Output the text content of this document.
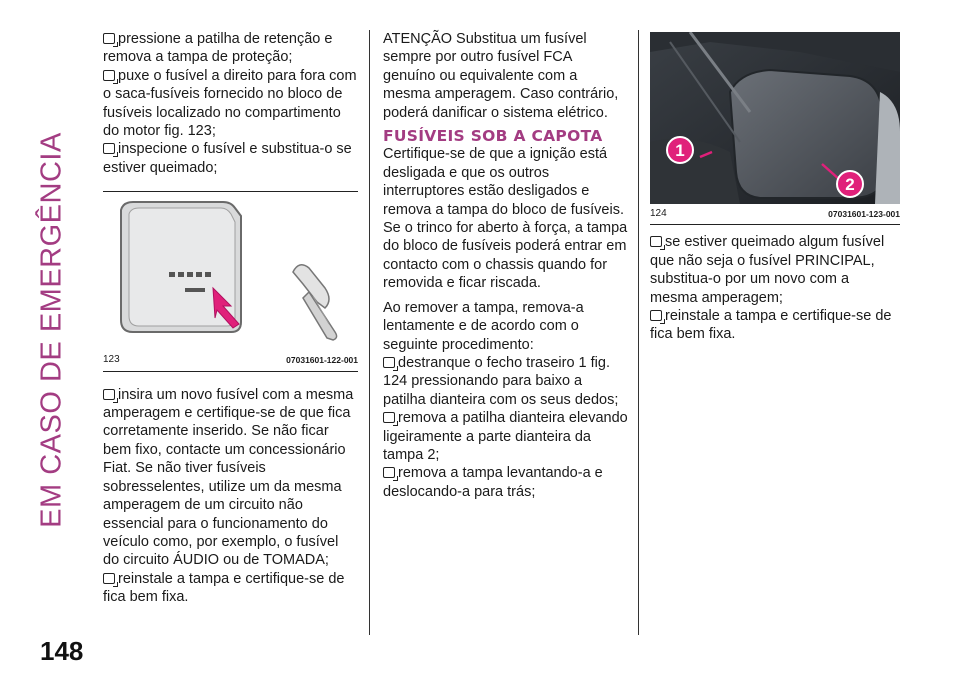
EM CASO DE EMERGÊNCIA
148

pressione a patilha de retenção e remova a tampa de proteção;

puxe o fusível a direito para fora com o saca-fusíveis fornecido no bloco de fusíveis localizado no compartimento do motor fig. 123;

inspecione o fusível e substitua-o se estiver queimado;

123	07031601-122-001

insira um novo fusível com a mesma amperagem e certifique-se de que fica corretamente inserido. Se não ficar bem fixo, contacte um concessionário Fiat. Se não tiver fusíveis sobresselentes, utilize um da mesma amperagem de um circuito não essencial para o funcionamento do veículo como, por exemplo, o fusível do circuito ÁUDIO ou de TOMADA;

reinstale a tampa e certifique-se de fica bem fixa.

ATENÇÃO Substitua um fusível sempre por outro fusível FCA genuíno ou equivalente com a mesma amperagem. Caso contrário, poderá danificar o sistema elétrico.

FUSÍVEIS SOB A CAPOTA

Certifique-se de que a ignição está desligada e que os outros interruptores estão desligados e remova a tampa do bloco de fusíveis. Se o trinco for aberto à força, a tampa do bloco de fusíveis poderá entrar em contacto com o chassis quando for removida e ficar riscada.

Ao remover a tampa, remova-a lentamente e de acordo com o seguinte procedimento:

destranque o fecho traseiro 1 fig. 124 pressionando para baixo a patilha dianteira com os seus dedos;

remova a patilha dianteira elevando ligeiramente a parte dianteira da tampa 2;

remova a tampa levantando-a e deslocando-a para trás;

1
2
124	07031601-123-001

se estiver queimado algum fusível que não seja o fusível PRINCIPAL, substitua-o por um novo com a mesma amperagem;

reinstale a tampa e certifique-se de fica bem fixa.
